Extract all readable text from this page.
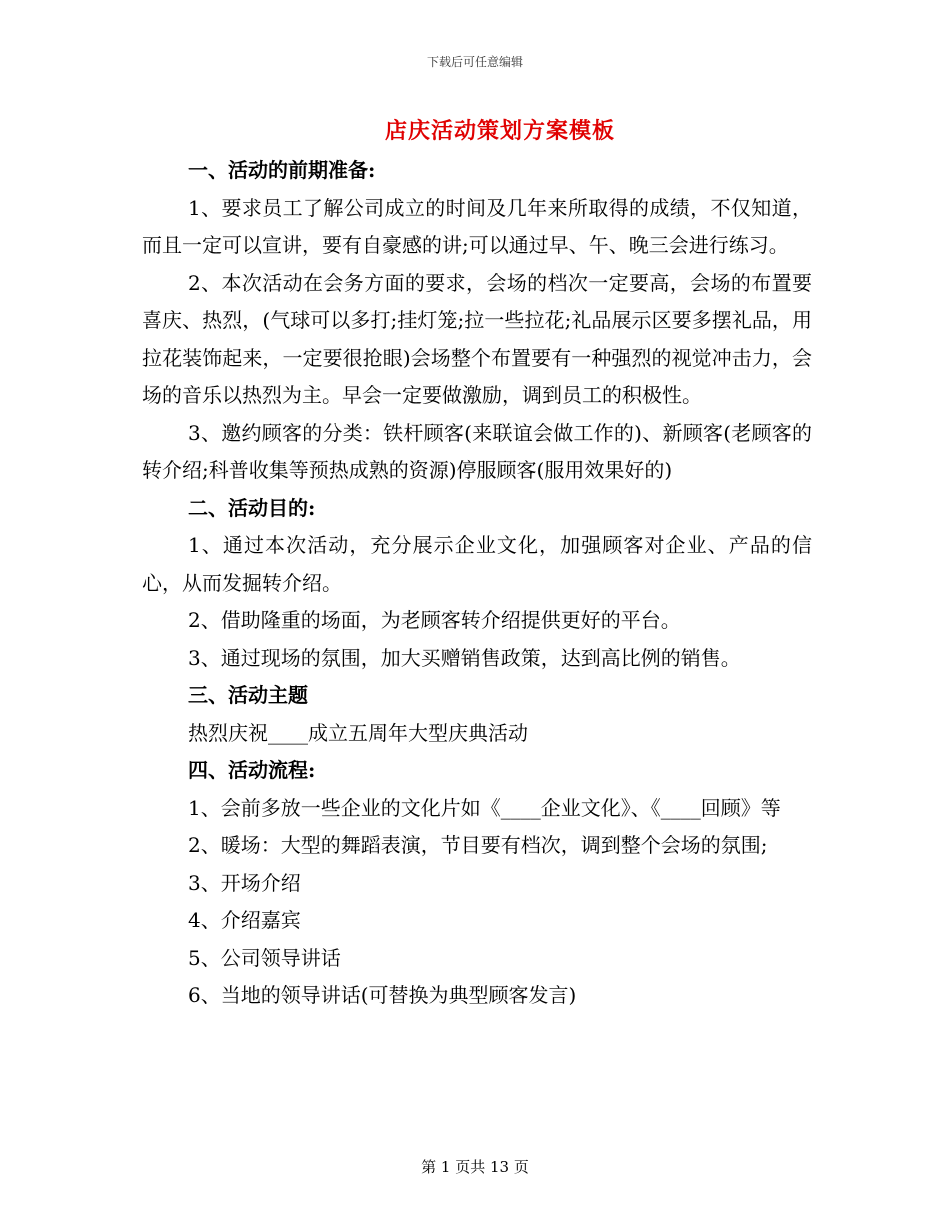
下载后可任意编辑
店庆活动策划方案模板

一、活动的前期准备:

1、要求员工了解公司成立的时间及几年来所取得的成绩，不仅知道，而且一定可以宣讲，要有自豪感的讲;可以通过早、午、晚三会进行练习。

2、本次活动在会务方面的要求，会场的档次一定要高，会场的布置要喜庆、热烈，(气球可以多打;挂灯笼;拉一些拉花;礼品展示区要多摆礼品，用拉花装饰起来，一定要很抢眼)会场整个布置要有一种强烈的视觉冲击力，会场的音乐以热烈为主。早会一定要做激励，调到员工的积极性。

3、邀约顾客的分类：铁杆顾客(来联谊会做工作的)、新顾客(老顾客的转介绍;科普收集等预热成熟的资源)停服顾客(服用效果好的)

二、活动目的:

1、通过本次活动，充分展示企业文化，加强顾客对企业、产品的信心，从而发掘转介绍。

2、借助隆重的场面，为老顾客转介绍提供更好的平台。

3、通过现场的氛围，加大买赠销售政策，达到高比例的销售。

三、活动主题

热烈庆祝____成立五周年大型庆典活动

四、活动流程:

1、会前多放一些企业的文化片如《____企业文化》、《____回顾》等

2、暖场：大型的舞蹈表演，节目要有档次，调到整个会场的氛围;

3、开场介绍

4、介绍嘉宾

5、公司领导讲话

6、当地的领导讲话(可替换为典型顾客发言)

第 1 页共 13 页
